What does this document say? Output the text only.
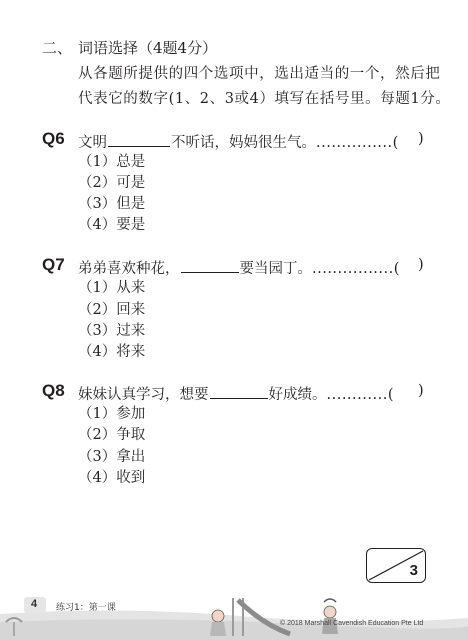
二、 词语选择（4题4分）
从各题所提供的四个选项中，选出适当的一个，然后把
代表它的数字(1、2、3或4）填写在括号里。每题1分。
Q6 文明	不听话，妈妈很生气。...............( )
（1）总是
（2）可是
（3）但是
（4）要是
Q7 弟弟喜欢种花，	要当园丁。................( )
（1）从来
（2）回来
（3）过来
（4）将来
Q8 妹妹认真学习，想要	好成绩。............( )
（1）参加
（2）争取
（3）拿出
（4）收到
3
4 练习1：第一课
© 2018 Marshall Cavendish Education Pte Ltd
